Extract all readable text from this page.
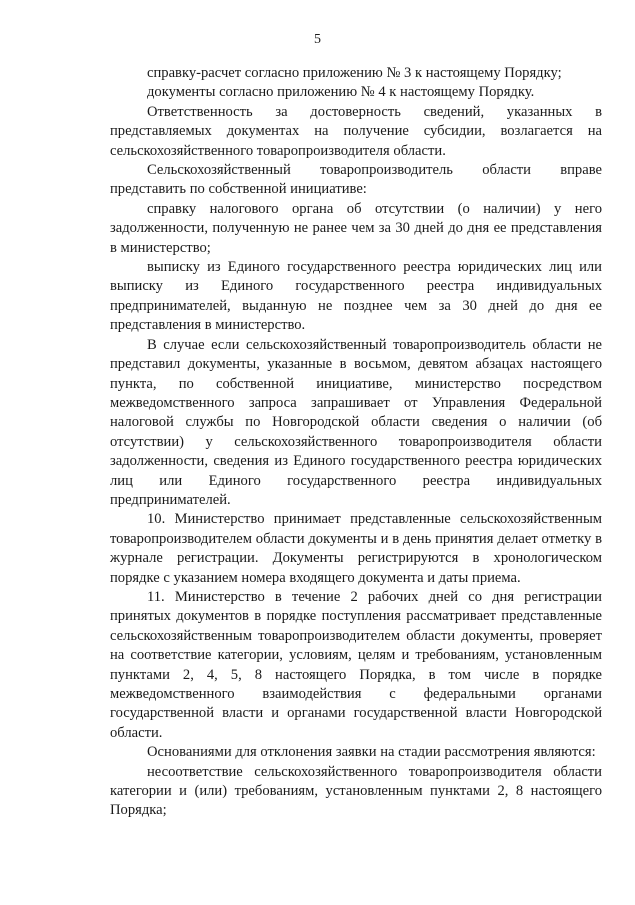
5

справку-расчет согласно приложению № 3 к настоящему Порядку;

документы согласно приложению № 4 к настоящему Порядку.

Ответственность за достоверность сведений, указанных в представляемых документах на получение субсидии, возлагается на сельскохозяйственного товаропроизводителя области.

Сельскохозяйственный товаропроизводитель области вправе представить по собственной инициативе:

справку налогового органа об отсутствии (о наличии) у него задолженности, полученную не ранее чем за 30 дней до дня ее представления в министерство;

выписку из Единого государственного реестра юридических лиц или выписку из Единого государственного реестра индивидуальных предпринимателей, выданную не позднее чем за 30 дней до дня ее представления в министерство.

В случае если сельскохозяйственный товаропроизводитель области не представил документы, указанные в восьмом, девятом абзацах настоящего пункта, по собственной инициативе, министерство посредством межведомственного запроса запрашивает от Управления Федеральной налоговой службы по Новгородской области сведения о наличии (об отсутствии) у сельскохозяйственного товаропроизводителя области задолженности, сведения из Единого государственного реестра юридических лиц или Единого государственного реестра индивидуальных предпринимателей.

10. Министерство принимает представленные сельскохозяйственным товаропроизводителем области документы и в день принятия делает отметку в журнале регистрации. Документы регистрируются в хронологическом порядке с указанием номера входящего документа и даты приема.

11. Министерство в течение 2 рабочих дней со дня регистрации принятых документов в порядке поступления рассматривает представленные сельскохозяйственным товаропроизводителем области документы, проверяет на соответствие категории, условиям, целям и требованиям, установленным пунктами 2, 4, 5, 8 настоящего Порядка, в том числе в порядке межведомственного взаимодействия с федеральными органами государственной власти и органами государственной власти Новгородской области.

Основаниями для отклонения заявки на стадии рассмотрения являются:

несоответствие сельскохозяйственного товаропроизводителя области категории и (или) требованиям, установленным пунктами 2, 8 настоящего Порядка;
